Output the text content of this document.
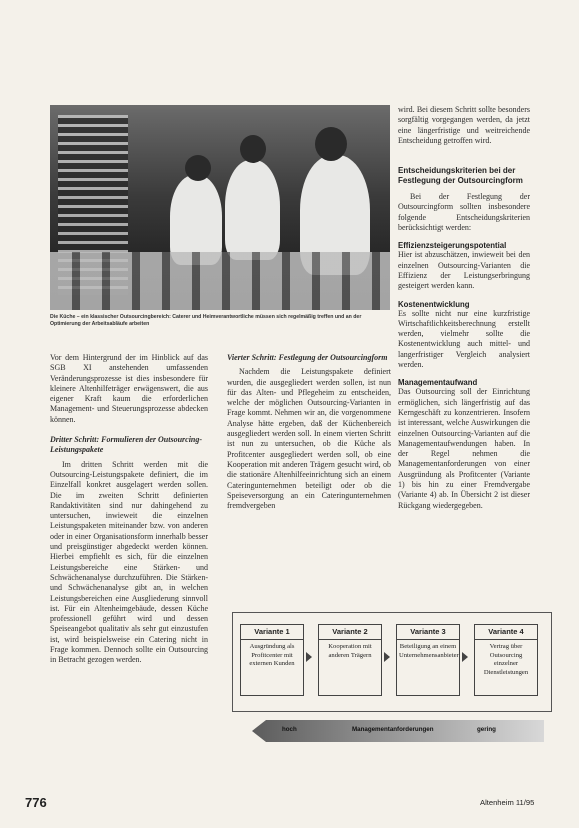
Die Küche – ein klassischer Outsourcingbereich: Caterer und Heimverantwortliche müssen sich regelmäßig treffen und an der Optimierung der Arbeitsabläufe arbeiten

Vor dem Hintergrund der im Hinblick auf das SGB XI anstehenden umfassenden Veränderungsprozesse ist dies insbesondere für kleinere Altenhilfeträger erwägenswert, die aus eigener Kraft kaum die erforderlichen Management- und Steuerungsprozesse abdecken können.

Dritter Schritt: Formulieren der Outsourcing-Leistungspakete

Im dritten Schritt werden mit die Outsourcing-Leistungspakete definiert, die im Einzelfall konkret ausgelagert werden sollen. Die im zweiten Schritt definierten Randaktivitäten sind nur dahingehend zu untersuchen, inwieweit die einzelnen Leistungspaketen miteinander bzw. von anderen oder in einer Organisationsform innerhalb besser und preisgünstiger abgedeckt werden können. Hierbei empfiehlt es sich, für die einzelnen Leistungsbereiche eine Stärken- und Schwächenanalyse durchzuführen. Die Stärken- und Schwächenanalyse gibt an, in welchen Leistungsbereichen eine Ausgliederung sinnvoll ist. Für ein Altenheimgebäude, dessen Küche professionell geführt wird und dessen Speiseangebot qualitativ als sehr gut einzustufen ist, wird beispielsweise ein Catering nicht in Frage kommen. Dennoch sollte ein Outsourcing in Betracht gezogen werden.

Vierter Schritt: Festlegung der Outsourcingform

Nachdem die Leistungspakete definiert wurden, die ausgegliedert werden sollen, ist nun für das Alten- und Pflegeheim zu entscheiden, welche der möglichen Outsourcing-Varianten in Frage kommt. Nehmen wir an, die vorgenommene Analyse hätte ergeben, daß der Küchenbereich ausgegliedert werden soll. In einem vierten Schritt ist nun zu untersuchen, ob die Küche als Profitcenter ausgegliedert werden soll, ob eine Kooperation mit anderen Trägern gesucht wird, ob die stationäre Altenhilfeeinrichtung sich an einem Cateringunternehmen beteiligt oder ob die Speiseversorgung an ein Cateringunternehmen fremdvergeben

wird. Bei diesem Schritt sollte besonders sorgfältig vorgegangen werden, da jetzt eine längerfristige und weitreichende Entscheidung getroffen wird.

Entscheidungskriterien bei der Festlegung der Outsourcingform

Bei der Festlegung der Outsourcingform sollten insbesondere folgende Entscheidungskriterien berücksichtigt werden:

Effizienzsteigerungspotential

Hier ist abzuschätzen, inwieweit bei den einzelnen Outsourcing-Varianten die Effizienz der Leistungserbringung gesteigert werden kann.

Kostenentwicklung

Es sollte nicht nur eine kurzfristige Wirtschaftlichkeitsberechnung erstellt werden, vielmehr sollte die Kostenentwicklung auch mittel- und langerfristiger Vergleich analysiert werden.

Managementaufwand

Das Outsourcing soll der Einrichtung ermöglichen, sich längerfristig auf das Kerngeschäft zu konzentrieren. Insofern ist interessant, welche Auswirkungen die einzelnen Outsourcing-Varianten auf die Managementaufwendungen haben. In der Regel nehmen die Managementanforderungen von einer Ausgründung als Profitcenter (Variante 1) bis hin zu einer Fremdvergabe (Variante 4) ab. In Übersicht 2 ist dieser Rückgang wiedergegeben.

Variante 1
Ausgründung als Profitcenter mit externen Kunden
Variante 2
Kooperation mit anderen Trägern
Variante 3
Beteiligung an einem Unternehmensanbieter
Variante 4
Vertrag über Outsourcing einzelner Dienstleistungen
hoch	Managementanforderungen	gering
776	Altenheim 11/95
